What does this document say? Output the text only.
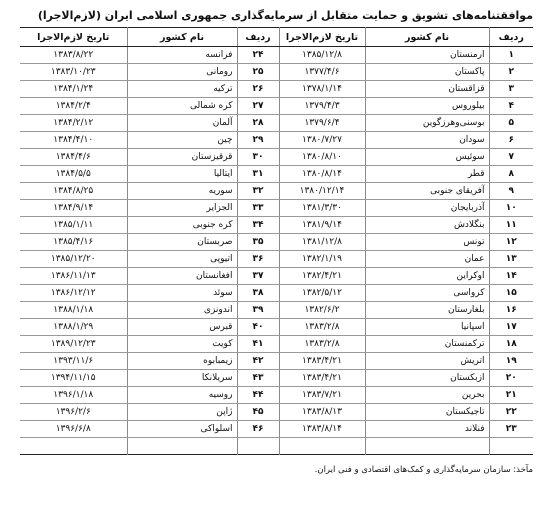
موافقتنامه‌های تشویق و حمایت متقابل از سرمایه‌گذاری جمهوری اسلامی ایران (لازم‌الاجرا)
ردیف	نام کشور	تاریخ لازم‌الاجرا	ردیف	نام کشور	تاریخ لازم‌الاجرا
۱	ارمنستان	۱۳۸۵/۱۲/۸	۲۴	فرانسه	۱۳۸۳/۸/۲۲
۲	پاکستان	۱۳۷۷/۴/۶	۲۵	رومانی	۱۳۸۳/۱۰/۲۳
۳	قزاقستان	۱۳۷۸/۱/۱۴	۲۶	ترکیه	۱۳۸۴/۱/۲۴
۴	بیلوروس	۱۳۷۹/۴/۳	۲۷	کره شمالی	۱۳۸۴/۲/۴
۵	بوسنی‌وهرزگوین	۱۳۷۹/۶/۴	۲۸	آلمان	۱۳۸۴/۲/۱۲
۶	سودان	۱۳۸۰/۷/۲۷	۲۹	چین	۱۳۸۴/۴/۱۰
۷	سوئیس	۱۳۸۰/۸/۱۰	۳۰	قرقیزستان	۱۳۸۴/۴/۶
۸	قطر	۱۳۸۰/۸/۱۴	۳۱	ایتالیا	۱۳۸۴/۵/۵
۹	آفریقای جنوبی	۱۳۸۰/۱۲/۱۴	۳۲	سوریه	۱۳۸۴/۸/۲۵
۱۰	آذربایجان	۱۳۸۱/۳/۳۰	۳۳	الجزایر	۱۳۸۴/۹/۱۴
۱۱	بنگلادش	۱۳۸۱/۹/۱۴	۳۴	کره جنوبی	۱۳۸۵/۱/۱۱
۱۲	تونس	۱۳۸۱/۱۲/۸	۳۵	صربستان	۱۳۸۵/۴/۱۶
۱۳	عمان	۱۳۸۲/۱/۱۹	۳۶	اتیوپی	۱۳۸۵/۱۲/۲۰
۱۴	اوکراین	۱۳۸۲/۴/۲۱	۳۷	افغانستان	۱۳۸۶/۱۱/۱۳
۱۵	کرواسی	۱۳۸۲/۵/۱۲	۳۸	سوئد	۱۳۸۶/۱۲/۱۲
۱۶	بلغارستان	۱۳۸۲/۶/۲	۳۹	اندونزی	۱۳۸۸/۱/۱۸
۱۷	اسپانیا	۱۳۸۳/۲/۸	۴۰	قبرس	۱۳۸۸/۱/۲۹
۱۸	ترکمنستان	۱۳۸۳/۲/۸	۴۱	کویت	۱۳۸۹/۱۲/۲۳
۱۹	اتریش	۱۳۸۳/۴/۲۱	۴۲	زیمبابوه	۱۳۹۳/۱۱/۶
۲۰	ازبکستان	۱۳۸۳/۴/۲۱	۴۳	سریلانکا	۱۳۹۴/۱۱/۱۵
۲۱	بحرین	۱۳۸۳/۷/۲۱	۴۴	روسیه	۱۳۹۶/۱/۱۸
۲۲	تاجیکستان	۱۳۸۳/۸/۱۳	۴۵	ژاپن	۱۳۹۶/۲/۶
۲۳	فنلاند	۱۳۸۳/۸/۱۴	۴۶	اسلواکی	۱۳۹۶/۶/۸

مآخذ: سازمان سرمایه‌گذاری و کمک‌های اقتصادی و فنی ایران.
